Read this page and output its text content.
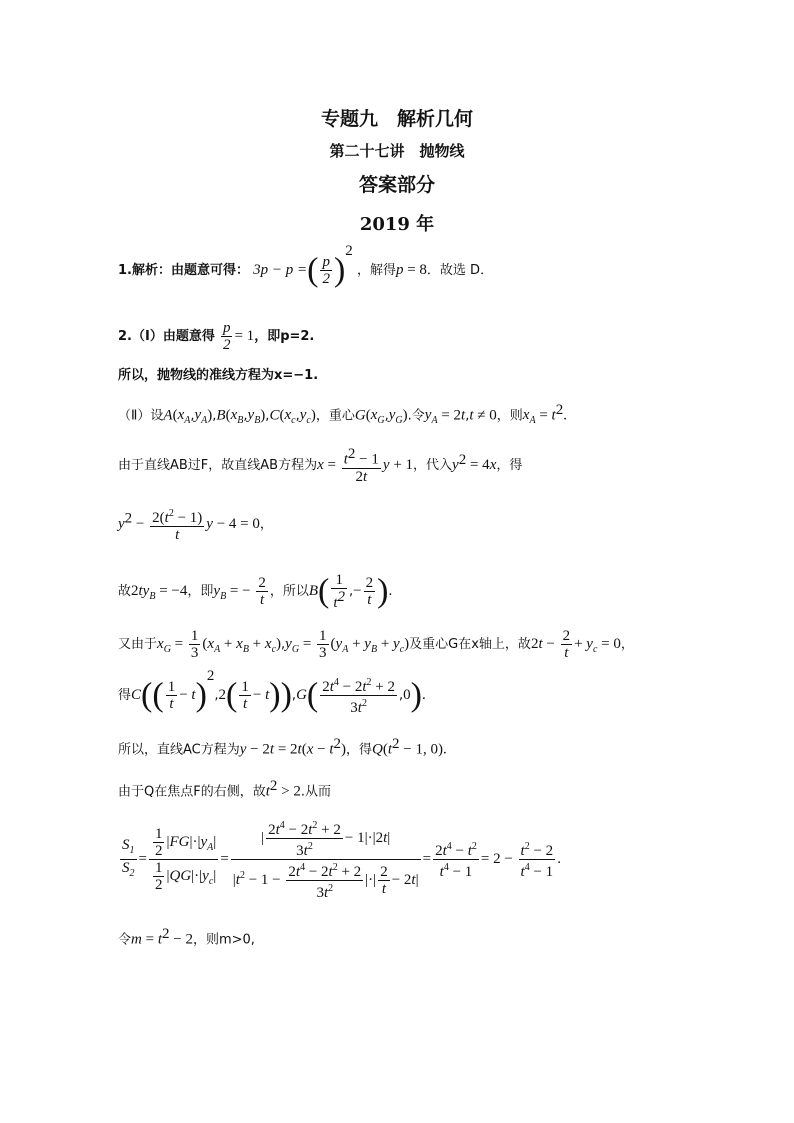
专题九　解析几何
第二十七讲　抛物线
答案部分
2019 年
1.解析：由题意可得： 3p − p =( $\frac{p}{2} )^2$ ，解得p = 8．故选 D．
2.（I）由题意得 $\frac{p}{2} = 1$，即p=2.
所以，抛物线的准线方程为x=−1.
（Ⅱ）设$A(x_A,y_A),B(x_B,y_B),C(x_c,y_c)$，重心$G(x_G,y_G)$.令$y_A = 2t,t \ne 0$，则$x_A = t^2$.
由于直线AB过F，故直线AB方程为$x = \frac{t^2 - 1}{2t}$ y + 1，代入$y^2 = 4x$，得
$y^2 - \frac{2(t^2 - 1)}{t}$ y − 4 = 0，
故$2ty_B = -4$，即$y_B$ = − $\frac{2}{t}$ ，所以$B( \frac{1}{t^2}$ ,− $\frac{2}{t}$ ).
又由于$x_G = \frac{1}{3} (x_A + x_B + x_c),y_G = \frac{1}{3} (y_A + y_B + y_c)$及重心G在x轴上，故$2t - \frac{2}{t} + y_c = 0$，
得$C(( \frac{1}{t} - t)^2,2( \frac{1}{t} - t)),G( \frac{2t^4 - 2t^2 + 2}{3t^2} ,0)$.
所以，直线AC方程为$y - 2t = 2t(x - t^2)$，得$Q(t^2 - 1$, 0).
由于Q在焦点F的右侧，故$t^2 > 2$.从而
$\frac{S_1}{S_2} = \frac{\frac{1}{2} |FG|\cdot|y_A|}{\frac{1}{2} |QG|\cdot|y_c|} = \frac{| \frac{2t^4 - 2t^2 + 2}{3t^2} - 1|\cdot|2t|}{|t^2 - 1 - \frac{2t^4 - 2t^2 + 2}{3t^2} |\cdot| \frac{2}{t} - 2t|} = \frac{2t^4 - t^2}{t^4 - 1} = 2 - \frac{t^2 - 2}{t^4 - 1}$ .
令$m = t^2 - 2$，则m>0,
